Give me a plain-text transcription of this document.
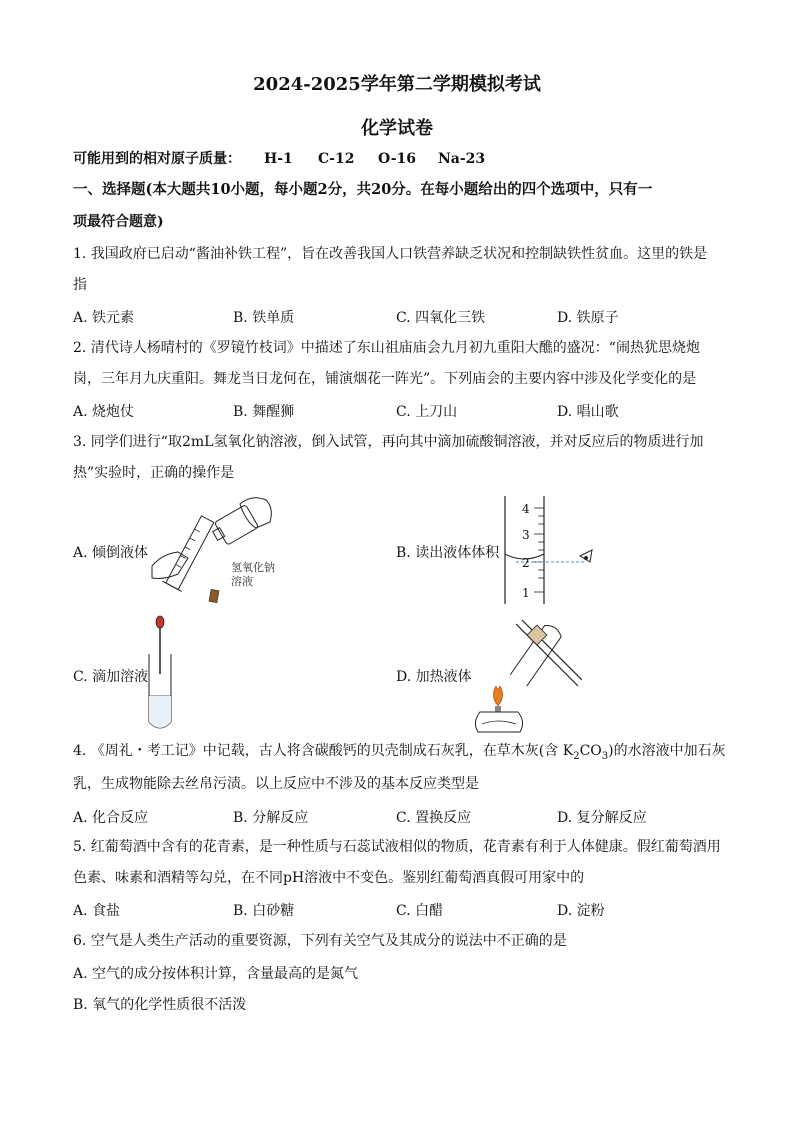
2024-2025学年第二学期模拟考试
化学试卷
可能用到的相对原子质量： H-1 C-12 O-16 Na-23
一、选择题(本大题共10小题，每小题2分，共20分。在每小题给出的四个选项中，只有一
项最符合题意)
1. 我国政府已启动“酱油补铁工程”，旨在改善我国人口铁营养缺乏状况和控制缺铁性贫血。这里的铁是
指
A. 铁元素	B. 铁单质	C. 四氧化三铁	D. 铁原子
2. 清代诗人杨晴村的《罗镜竹枝词》中描述了东山祖庙庙会九月初九重阳大醮的盛况：“闹热犹思烧炮
岗，三年月九庆重阳。舞龙当日龙何在，铺演烟花一阵光”。下列庙会的主要内容中涉及化学变化的是
A. 烧炮仗	B. 舞醒狮	C. 上刀山	D. 唱山歌
3. 同学们进行“取2mL氢氧化钠溶液，倒入试管，再向其中滴加硫酸铜溶液，并对反应后的物质进行加
热”实验时，正确的操作是
A. 倾倒液体	B. 读出液体体积
C. 滴加溶液	D. 加热液体
氢氧化钠
溶液
4
3
2
1
4. 《周礼・考工记》中记载，古人将含碳酸钙的贝壳制成石灰乳，在草木灰(含 $K_2CO_3$)的水溶液中加石灰
乳，生成物能除去丝帛污渍。以上反应中不涉及的基本反应类型是
A. 化合反应	B. 分解反应	C. 置换反应	D. 复分解反应
5. 红葡萄酒中含有的花青素，是一种性质与石蕊试液相似的物质，花青素有利于人体健康。假红葡萄酒用
色素、味素和酒精等勾兑，在不同pH溶液中不变色。鉴别红葡萄酒真假可用家中的
A. 食盐	B. 白砂糖	C. 白醋	D. 淀粉
6. 空气是人类生产活动的重要资源，下列有关空气及其成分的说法中不正确的是
A. 空气的成分按体积计算，含量最高的是氮气
B. 氧气的化学性质很不活泼
